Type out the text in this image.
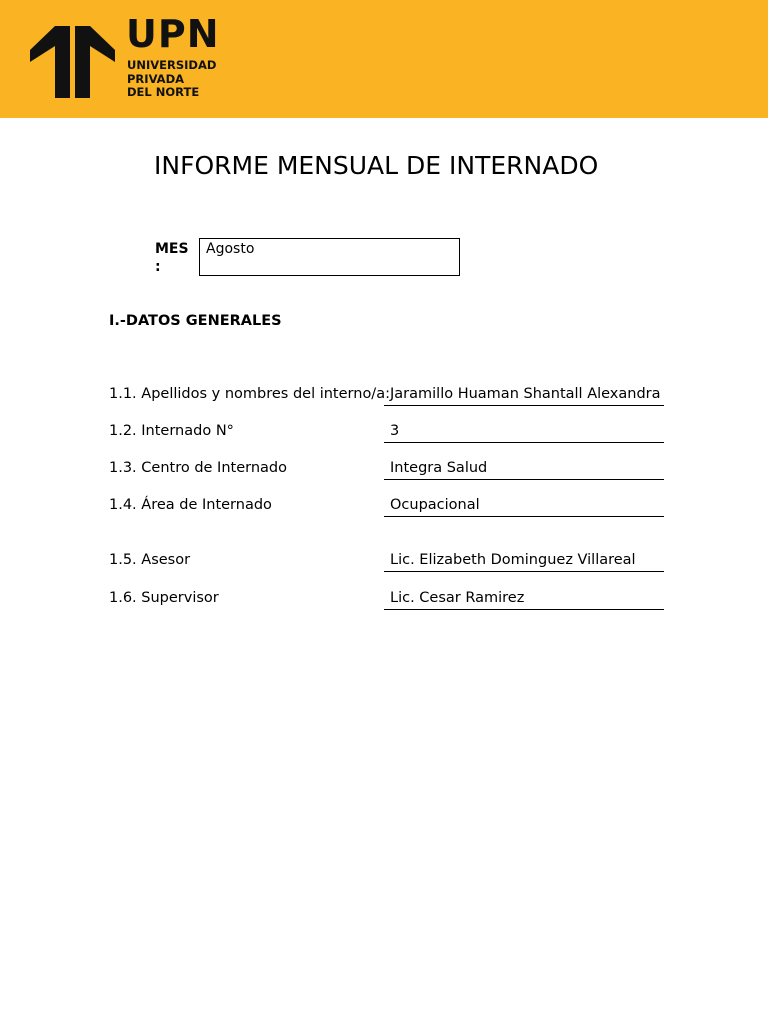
UPN
UNIVERSIDAD
PRIVADA
DEL NORTE
INFORME MENSUAL DE INTERNADO
MES :
Agosto
I.-DATOS GENERALES
1.1. Apellidos y nombres del interno/a: Jaramillo Huaman Shantall Alexandra
1.2. Internado N°	3
1.3. Centro de Internado	Integra Salud
1.4. Área de Internado	Ocupacional
1.5. Asesor	Lic. Elizabeth Dominguez Villareal
1.6. Supervisor	Lic. Cesar Ramirez
